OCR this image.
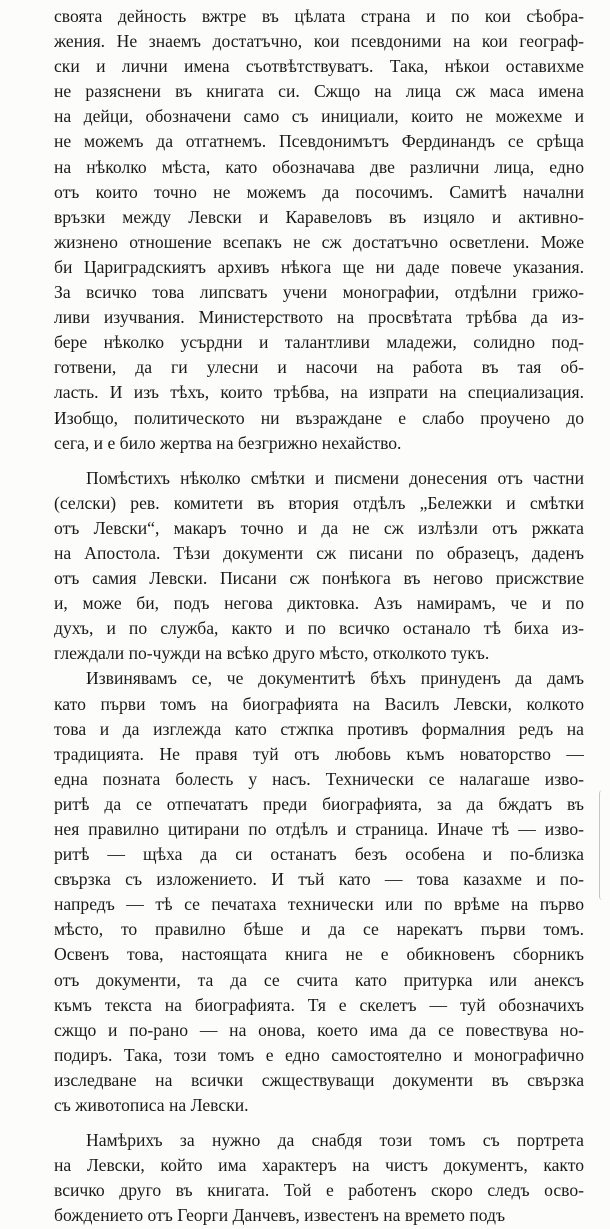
своята дейность вжтре въ цѣлата страна и по кои сѣобра-
жения. Не знаемъ достатъчно, кои псевдоними на кои географ-
ски и лични имена съотвѣтствуватъ. Така, нѣкои оставихме
не разяснени въ книгата си. Сжщо на лица сж маса имена
на дейци, обозначени само съ инициали, които не можехме и
не можемъ да отгатнемъ. Псевдонимътъ Фердинандъ се срѣща
на нѣколко мѣста, като обозначава две различни лица, едно
отъ които точно не можемъ да посочимъ. Самитѣ начални
връзки между Левски и Каравеловъ въ изцяло и активно-
жизнено отношение всепакъ не сж достатъчно осветлени. Може
би Цариградскиятъ архивъ нѣкога ще ни даде повече указания.
За всичко това липсватъ учени монографии, отдѣлни грижо-
ливи изучвания. Министерството на просвѣтата трѣбва да из-
бере нѣколко усърдни и талантливи младежи, солидно под-
готвени, да ги улесни и насочи на работа въ тая об-
ласть. И изъ тѣхъ, които трѣбва, на изпрати на специализация.
Изобщо, политическото ни възраждане е слабо проучено до
сега, и е било жертва на безгрижно нехайство.
Помѣстихъ нѣколко смѣтки и писмени донесения отъ частни
(селски) рев. комитети въ втория отдѣлъ „Бележки и смѣтки
отъ Левски“, макаръ точно и да не сж излѣзли отъ ржката
на Апостола. Тѣзи документи сж писани по образецъ, даденъ
отъ самия Левски. Писани сж понѣкога въ негово присжствие
и, може би, подъ негова диктовка. Азъ намирамъ, че и по
духъ, и по служба, както и по всичко останало тѣ биха из-
глеждали по-чужди на всѣко друго мѣсто, отколкото тукъ.
Извинявамъ се, че документитѣ бѣхъ принуденъ да дамъ
като първи томъ на биографията на Василъ Левски, колкото
това и да изглежда като стжпка противъ формалния редъ на
традицията. Не правя туй отъ любовь къмъ новаторство —
една позната болесть у насъ. Технически се налагаше изво-
ритѣ да се отпечататъ преди биографията, за да бждатъ въ
нея правилно цитирани по отдѣлъ и страница. Иначе тѣ — изво-
ритѣ — щѣха да си останатъ безъ особена и по-близка
свързка съ изложението. И тъй като — това казахме и по-
напредъ — тѣ се печатаха технически или по врѣме на първо
мѣсто, то правилно бѣше и да се нарекатъ първи томъ.
Освенъ това, настоящата книга не е обикновенъ сборникъ
отъ документи, та да се счита като притурка или анексъ
къмъ текста на биографията. Тя е скелетъ — туй обозначихъ
сжщо и по-рано — на онова, което има да се повествува но-
подиръ. Така, този томъ е едно самостоятелно и монографично
изследване на всички сжществуващи документи въ свързка
съ животописа на Левски.
Намѣрихъ за нужно да снабдя този томъ съ портрета
на Левски, който има характеръ на чистъ документъ, както
всичко друго въ книгата. Той е работенъ скоро следъ осво-
бождението отъ Георги Данчевъ, известенъ на времето подъ
